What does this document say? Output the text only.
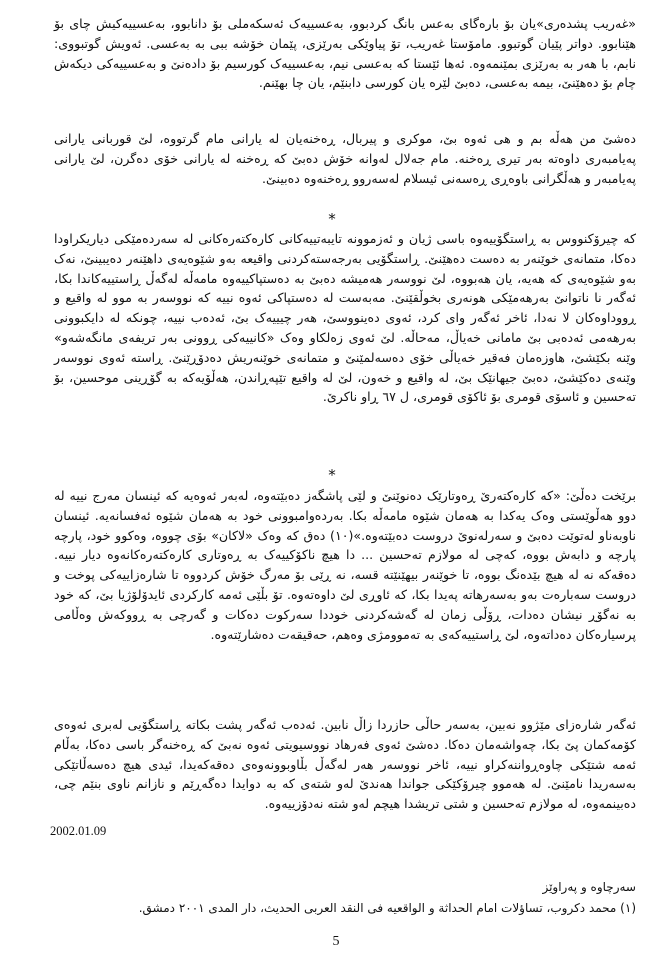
«غەریب پشدەری»یان بۆ بارەگای بەعس بانگ کردبوو، بەعسییەک ئەسکەملی بۆ دانابوو، بەعسییەکیش چای بۆ هێنابوو. دواتر پێیان گوتبوو. مامۆستا غەریب، تۆ پیاوێکی بەرێزی، پێمان خۆشە ببی بە بەعسی. ئەویش گوتبووی: نابم، با هەر بە بەرێزی بمێنمەوە. ئەها ئێستا کە بەعسی نیم، بەعسییەک کورسیم بۆ دادەنێ و بەعسییەکی دیکەش چام بۆ دەهێنێ، بیمە بەعسی، دەبێ لێرە یان کورسی دابنێم، یان چا بهێنم.

دەشێ من هەڵە بم و هی ئەوە بێ، موکری و پیربال، ڕەخنەیان لە یارانی مام گرتووە، لێ قوربانی یارانی پەیامبەری داوەتە بەر تیری ڕەخنە. مام جەلال لەوانە خۆش دەبێ کە ڕەخنە لە یارانی خۆی دەگرن، لێ یارانی پەیامبەر و هەڵگرانی باوەڕی ڕەسەنی ئیسلام لەسەروو ڕەخنەوە دەبینێ.

*

کە چیرۆکنووس بە ڕاستگۆییەوە باسی ژیان و ئەزموونە تایبەتییەکانی کارەکتەرەکانی لە سەردەمێکی دیاریکراودا دەکا، متمانەی خوێنەر بە دەست دەهێنێ. ڕاستگۆیی بەرجەستەکردنی واقیعە بەو شێوەیەی داهێنەر دەیبینێ، نەک بەو شێوەیەی کە هەیە، یان هەبووە، لێ نووسەر هەمیشە دەبێ بە دەستپاکییەوە مامەڵە لەگەڵ ڕاستییەکاندا بکا، ئەگەر نا ناتوانێ بەرهەمێکی هونەری بخوڵقێنێ. مەبەست لە دەستپاکی ئەوە نییە کە نووسەر بە موو لە واقیع و ڕووداوەکان لا نەدا، ئاخر ئەگەر وای کرد، ئەوی دەینووسێ، هەر چیییەک بێ، ئەدەب نییە، چونکە لە دایکبوونی بەرهەمی ئەدەبی بێ مامانی خەیاڵ، مەحاڵە. لێ ئەوی زەلکاو وەک «کانییەکی ڕوونی بەر تریفەی مانگەشەو» وێنە بکێشێ، هاوزەمان فەقیر خەیاڵی خۆی دەسەلمێنێ و متمانەی خوێنەریش دەدۆڕێنێ. ڕاستە ئەوی نووسەر وێنەی دەکێشێ، دەبێ جیهانێک بێ، لە واقیع و خەون، لێ لە واقیع تێپەڕاندن، هەڵۆیەکە بە گۆڕینی موحسین، بۆ تەحسین و ئاسۆی قومری بۆ ئاکۆی قومری، ل ٦٧ ڕاو ناکرێ.

*

برێخت دەڵێ: «کە کارەکتەرێ ڕەوتارێک دەنوێنێ و لێی پاشگەز دەبێتەوە، لەبەر ئەوەیە کە ئینسان مەرج نییە لە دوو هەڵوێستی وەک یەکدا بە هەمان شێوە مامەڵە بکا. بەردەوامبوونی خود بە هەمان شێوە ئەفسانەیە. ئینسان ناوبەناو لەتوێت دەبێ و سەرلەنوێ دروست دەبێتەوە.»(١٠) دەق کە وەک «لاکان» بۆی چووە، وەکوو خود، پارچە پارچە و دابەش بووە، کەچی لە مولازم تەحسین ... دا هیچ ناکۆکییەک بە ڕەوتاری کارەکتەرەکانەوە دیار نییە. دەقەکە نە لە هیچ بێدەنگ بووە، تا خوێنەر بیهێنێتە قسە، نە ڕێی بۆ مەرگ خۆش کردووە تا شارەزاییەکی پوخت و دروست سەبارەت بەو بەسەرهاتە پەیدا بکا، کە ئاوڕی لێ داوەتەوە. تۆ بڵێی ئەمە کارکردی ئایدۆلۆژیا بێ، کە خود بە نەگۆڕ نیشان دەدات، ڕۆڵی زمان لە گەشەکردنی خوددا سەرکوت دەکات و گەرچی بە ڕووکەش وەڵامی پرسیارەکان دەداتەوە، لێ ڕاستییەکەی بە تەموومژی وەهم، حەقیقەت دەشارێتەوە.

ئەگەر شارەزای مێژوو نەبین، بەسەر حاڵی حازردا زاڵ نابین. ئەدەب ئەگەر پشت بکاتە ڕاستگۆیی لەبری ئەوەی کۆمەکمان پێ بکا، چەواشەمان دەکا. دەشێ ئەوی فەرهاد نووسیویتی ئەوە نەبێ کە ڕەخنەگر باسی دەکا، بەڵام ئەمە شتێکی چاوەڕواننەکراو نییە، ئاخر نووسەر هەر لەگەڵ بڵاوبوونەوەی دەقەکەیدا، ئیدی هیچ دەسەڵاتێکی بەسەریدا نامێنێ. لە هەموو چیرۆکێکی جواندا هەندێ لەو شتەی کە بە دوایدا دەگەڕێم و نازانم ناوی بنێم چی، دەبینمەوە، لە مولازم تەحسین و شتی تریشدا هیچم لەو شتە نەدۆزییەوە.

2002.01.09
سەرچاوە و پەراوێز
(١) محمد دكروب، تساؤلات امام الحداثة و الواقعيه فى النقد العربى الحديث، دار المدى ٢٠٠١ دمشق.
5
